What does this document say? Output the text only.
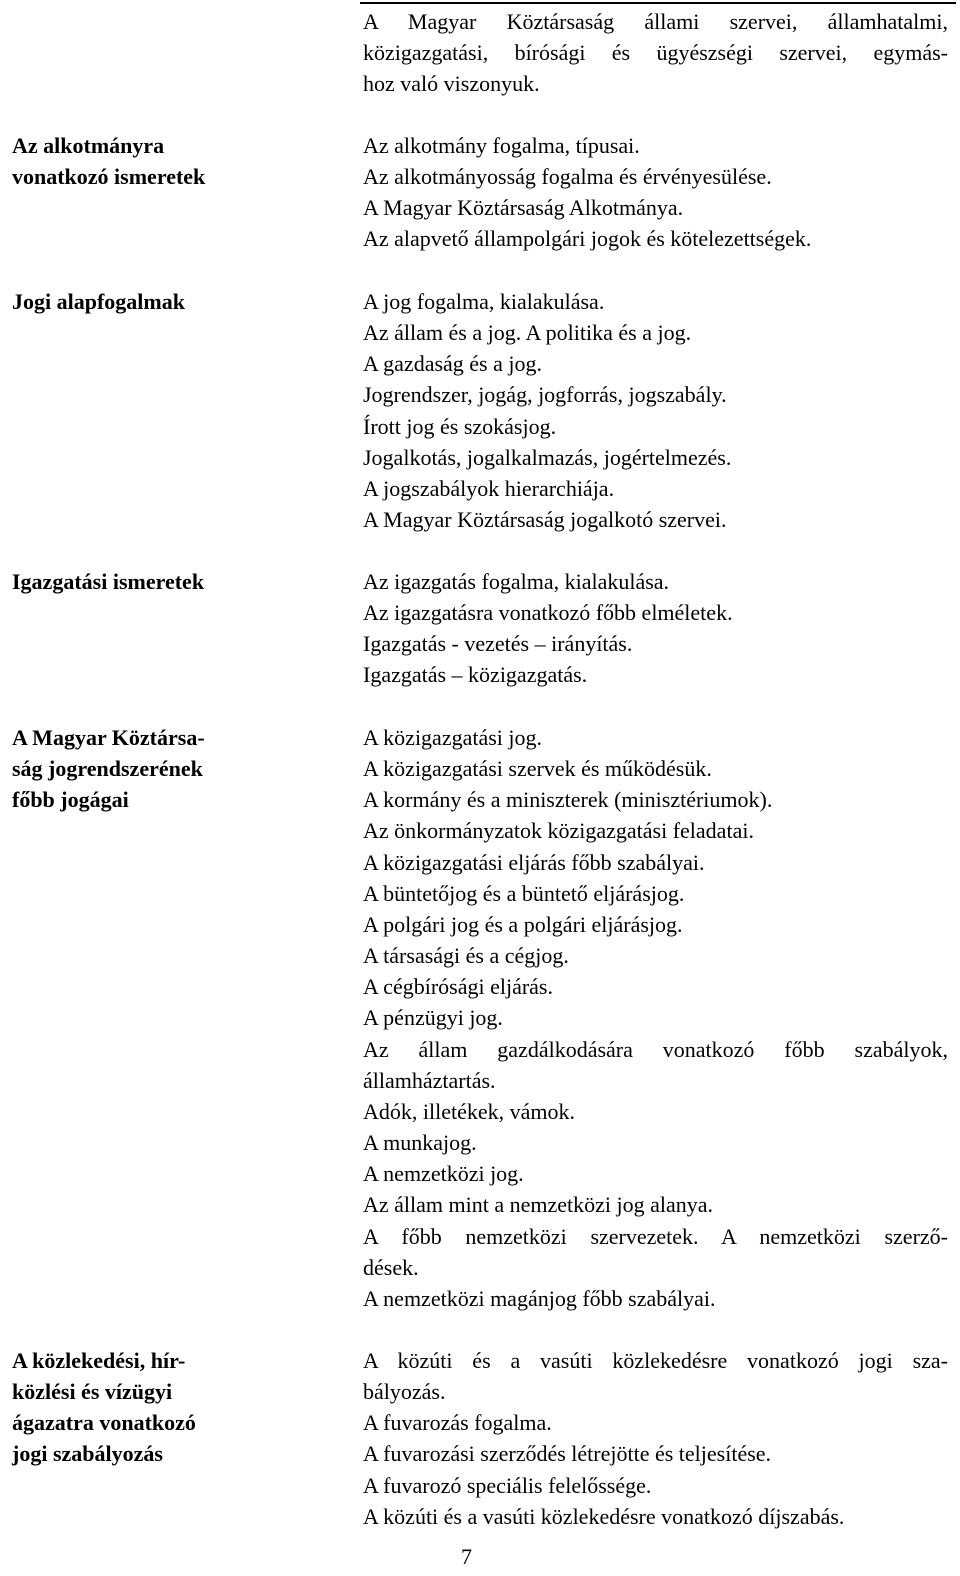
A Magyar Köztársaság állami szervei, államhatalmi,
közigazgatási, bírósági és ügyészségi szervei, egymás-
hoz való viszonyuk.
Az alkotmányra
vonatkozó ismeretek
Az alkotmány fogalma, típusai.
Az alkotmányosság fogalma és érvényesülése.
A Magyar Köztársaság Alkotmánya.
Az alapvető állampolgári jogok és kötelezettségek.
Jogi alapfogalmak	A jog fogalma, kialakulása.
Az állam és a jog. A politika és a jog.
A gazdaság és a jog.
Jogrendszer, jogág, jogforrás, jogszabály.
Írott jog és szokásjog.
Jogalkotás, jogalkalmazás, jogértelmezés.
A jogszabályok hierarchiája.
A Magyar Köztársaság jogalkotó szervei.
Igazgatási ismeretek	Az igazgatás fogalma, kialakulása.
Az igazgatásra vonatkozó főbb elméletek.
Igazgatás - vezetés – irányítás.
Igazgatás – közigazgatás.
A Magyar Köztársa-
ság jogrendszerének
főbb jogágai
A közigazgatási jog.
A közigazgatási szervek és működésük.
A kormány és a miniszterek (minisztériumok).
Az önkormányzatok közigazgatási feladatai.
A közigazgatási eljárás főbb szabályai.
A büntetőjog és a büntető eljárásjog.
A polgári jog és a polgári eljárásjog.
A társasági és a cégjog.
A cégbírósági eljárás.
A pénzügyi jog.
Az állam gazdálkodására vonatkozó főbb szabályok,
államháztartás.
Adók, illetékek, vámok.
A munkajog.
A nemzetközi jog.
Az állam mint a nemzetközi jog alanya.
A főbb nemzetközi szervezetek. A nemzetközi szerző-
dések.
A nemzetközi magánjog főbb szabályai.
A közlekedési, hír-
közlési és vízügyi
ágazatra vonatkozó
jogi szabályozás
A közúti és a vasúti közlekedésre vonatkozó jogi sza-
bályozás.
A fuvarozás fogalma.
A fuvarozási szerződés létrejötte és teljesítése.
A fuvarozó speciális felelőssége.
A közúti és a vasúti közlekedésre vonatkozó díjszabás.
7
